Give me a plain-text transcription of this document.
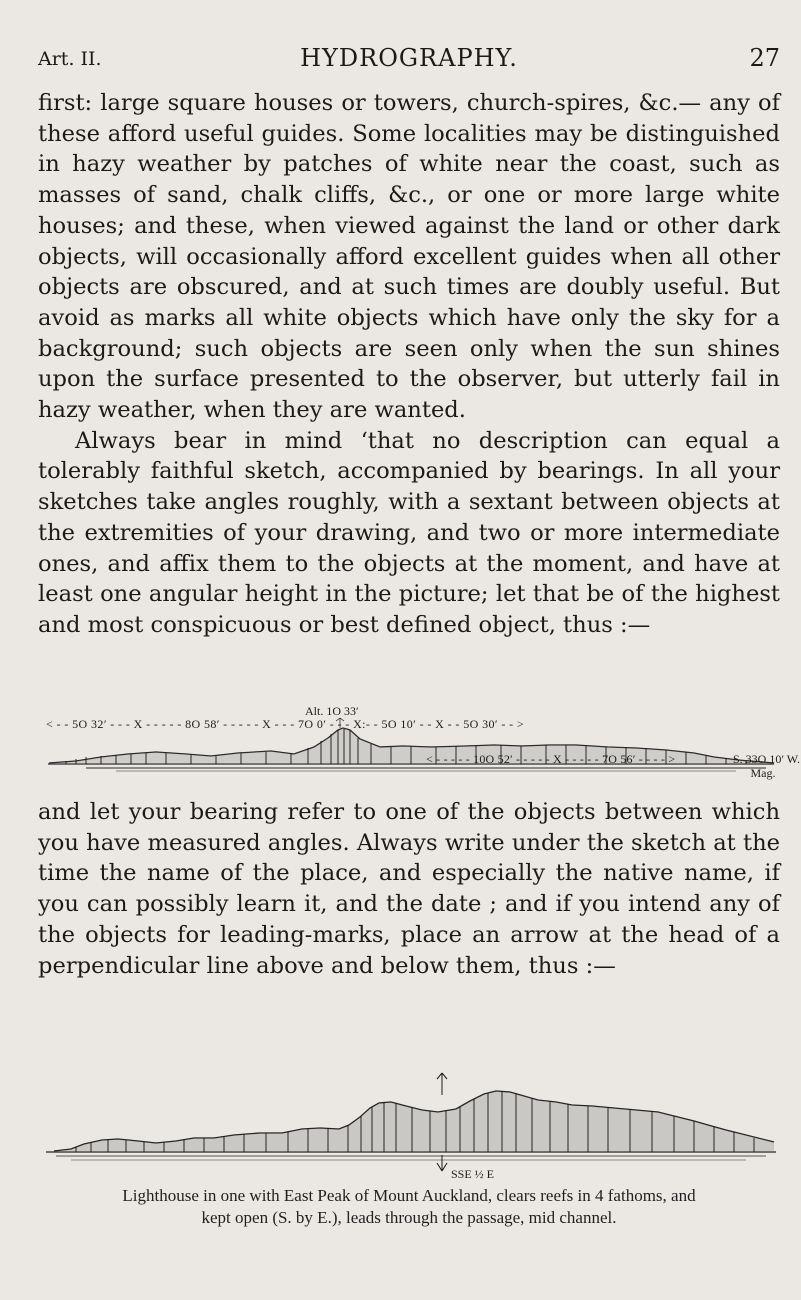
Art. II.	HYDROGRAPHY.	27

first: large square houses or towers, church-spires, &c.— any of these afford useful guides. Some localities may be distinguished in hazy weather by patches of white near the coast, such as masses of sand, chalk cliffs, &c., or one or more large white houses; and these, when viewed against the land or other dark objects, will occasionally afford excellent guides when all other objects are obscured, and at such times are doubly useful. But avoid as marks all white objects which have only the sky for a background; such objects are seen only when the sun shines upon the surface presented to the observer, but utterly fail in hazy weather, when they are wanted.

Always bear in mind ʻthat no description can equal a tolerably faithful sketch, accompanied by bearings. In all your sketches take angles roughly, with a sextant between objects at the extremities of your drawing, and two or more intermediate ones, and affix them to the objects at the moment, and have at least one angular height in the picture; let that be of the highest and most conspicuous or best defined object, thus :—

Alt. 1O 33′
< - - 5O 32′ - - - X - - - - - 8O 58′ - - - - - X - - - 7O 0′ - - - X:- - 5O 10′ - - X - - 5O 30′ - - >
< - - - - - 10O 52′ - - - - - X - - - - - 7O 56′ - - - - >	S. 33O 10′ W.
Mag.

and let your bearing refer to one of the objects between which you have measured angles. Always write under the sketch at the time the name of the place, and especially the native name, if you can possibly learn it, and the date ; and if you intend any of the objects for leading-marks, place an arrow at the head of a perpendicular line above and below them, thus :—

SSE ½ E
Lighthouse in one with East Peak of Mount Auckland, clears reefs in 4 fathoms, and
kept open (S. by E.), leads through the passage, mid channel.
